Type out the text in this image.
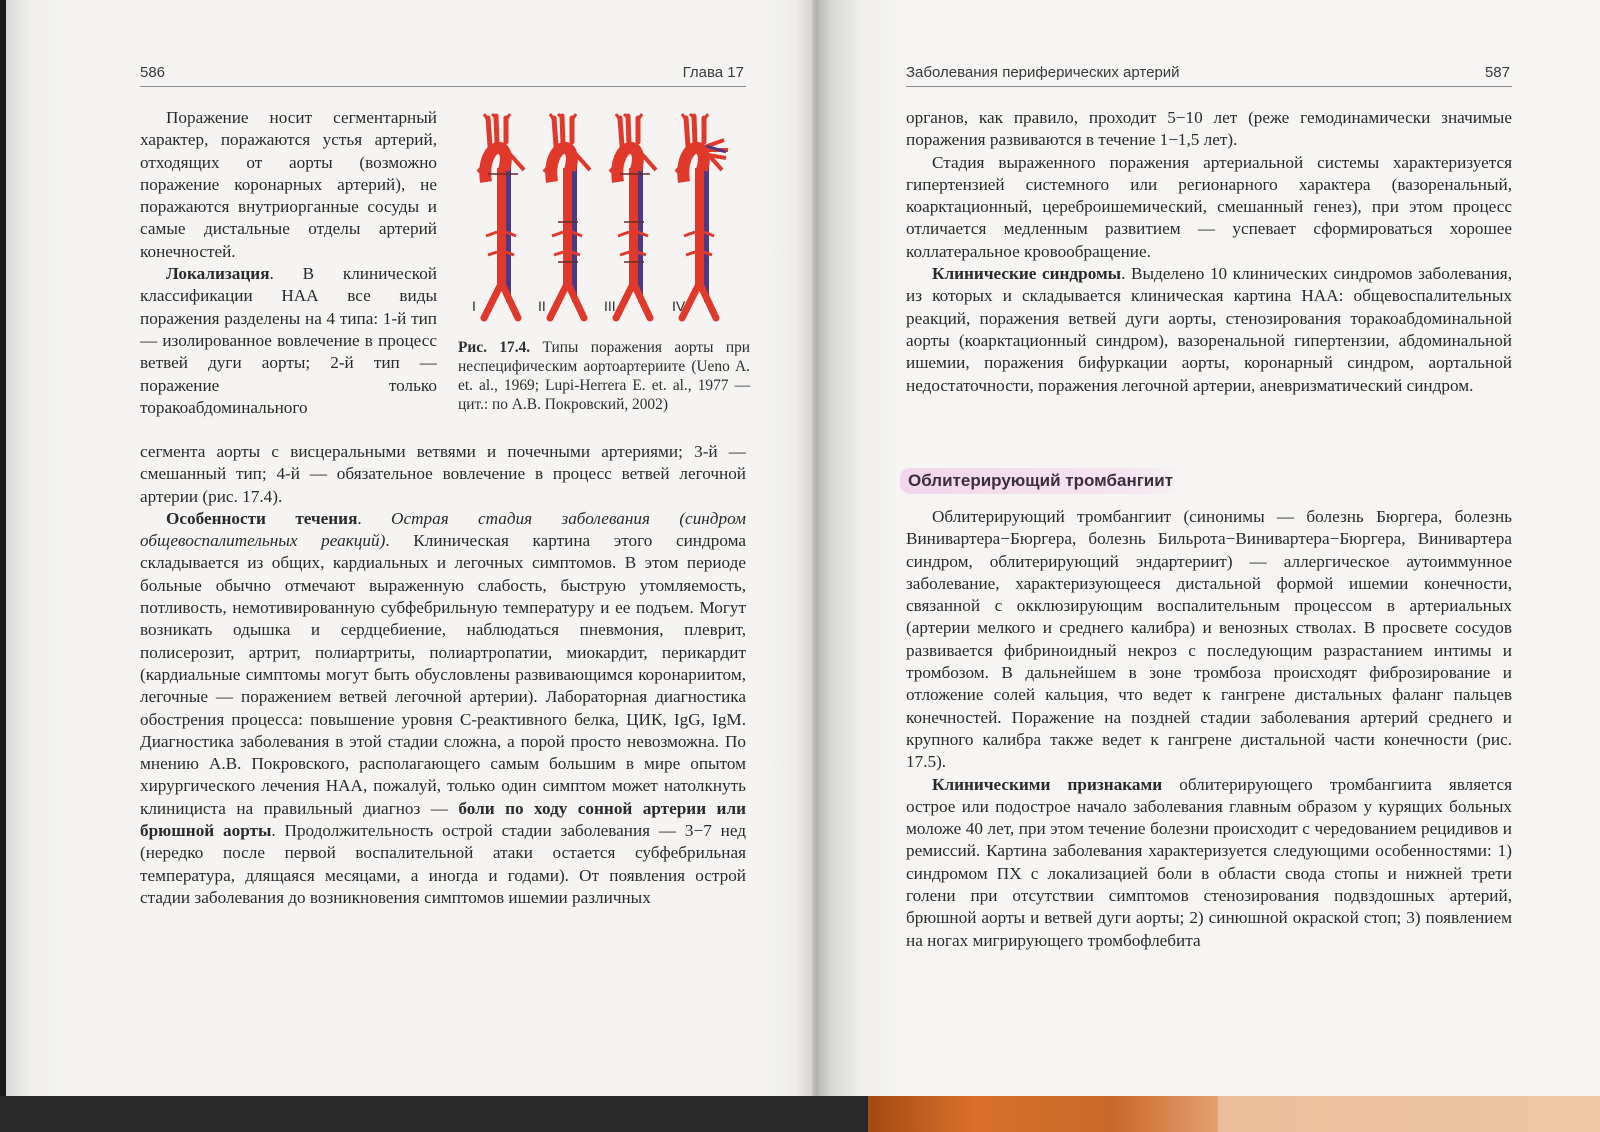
586	Глава 17

Поражение носит сегментарный характер, поражаются устья артерий, отходящих от аорты (возможно поражение коронарных артерий), не поражаются внутриорганные сосуды и самые дистальные отделы артерий конечностей.

Локализация. В клинической классификации НАА все виды поражения разделены на 4 типа: 1-й тип — изолированное вовлечение в процесс ветвей дуги аорты; 2-й тип — поражение только торакоабдоминального

I	II	III	IV
Рис. 17.4. Типы поражения аорты при неспецифическим аортоартериите (Ueno A. et. al., 1969; Lupi-Herrera E. et. al., 1977 — цит.: по А.В. Покровский, 2002)

сегмента аорты с висцеральными ветвями и почечными артериями; 3-й — смешанный тип; 4-й — обязательное вовлечение в процесс ветвей легочной артерии (рис. 17.4).

Особенности течения. Острая стадия заболевания (синдром общевоспалительных реакций). Клиническая картина этого синдрома складывается из общих, кардиальных и легочных симптомов. В этом периоде больные обычно отмечают выраженную слабость, быструю утомляемость, потливость, немотивированную субфебрильную температуру и ее подъем. Могут возникать одышка и сердцебиение, наблюдаться пневмония, плеврит, полисерозит, артрит, полиартриты, полиартропатии, миокардит, перикардит (кардиальные симптомы могут быть обусловлены развивающимся коронариитом, легочные — поражением ветвей легочной артерии). Лабораторная диагностика обострения процесса: повышение уровня С-реактивного белка, ЦИК, IgG, IgM. Диагностика заболевания в этой стадии сложна, а порой просто невозможна. По мнению А.В. Покровского, располагающего самым большим в мире опытом хирургического лечения НАА, пожалуй, только один симптом может натолкнуть клинициста на правильный диагноз — боли по ходу сонной артерии или брюшной аорты. Продолжительность острой стадии заболевания — 3−7 нед (нередко после первой воспалительной атаки остается субфебрильная температура, длящаяся месяцами, а иногда и годами). От появления острой стадии заболевания до возникновения симптомов ишемии различных

Заболевания периферических артерий	587

органов, как правило, проходит 5−10 лет (реже гемодинамически значимые поражения развиваются в течение 1−1,5 лет).

Стадия выраженного поражения артериальной системы характеризуется гипертензией системного или регионарного характера (вазоренальный, коарктационный, цереброишемический, смешанный генез), при этом процесс отличается медленным развитием — успевает сформироваться хорошее коллатеральное кровообращение.

Клинические синдромы. Выделено 10 клинических синдромов заболевания, из которых и складывается клиническая картина НАА: общевоспалительных реакций, поражения ветвей дуги аорты, стенозирования торакоабдоминальной аорты (коарктационный синдром), вазоренальной гипертензии, абдоминальной ишемии, поражения бифуркации аорты, коронарный синдром, аортальной недостаточности, поражения легочной артерии, аневризматический синдром.

Облитерирующий тромбангиит

Облитерирующий тромбангиит (синонимы — болезнь Бюргера, болезнь Винивартера−Бюргера, болезнь Бильрота−Винивартера−Бюргера, Винивартера синдром, облитерирующий эндартериит) — аллергическое аутоиммунное заболевание, характеризующееся дистальной формой ишемии конечности, связанной с окклюзирующим воспалительным процессом в артериальных (артерии мелкого и среднего калибра) и венозных стволах. В просвете сосудов развивается фибриноидный некроз с последующим разрастанием интимы и тромбозом. В дальнейшем в зоне тромбоза происходят фиброзирование и отложение солей кальция, что ведет к гангрене дистальных фаланг пальцев конечностей. Поражение на поздней стадии заболевания артерий среднего и крупного калибра также ведет к гангрене дистальной части конечности (рис. 17.5).

Клиническими признаками облитерирующего тромбангиита является острое или подострое начало заболевания главным образом у курящих больных моложе 40 лет, при этом течение болезни происходит с чередованием рецидивов и ремиссий. Картина заболевания характеризуется следующими особенностями: 1) синдромом ПХ с локализацией боли в области свода стопы и нижней трети голени при отсутствии симптомов стенозирования подвздошных артерий, брюшной аорты и ветвей дуги аорты; 2) синюшной окраской стоп; 3) появлением на ногах мигрирующего тромбофлебита
